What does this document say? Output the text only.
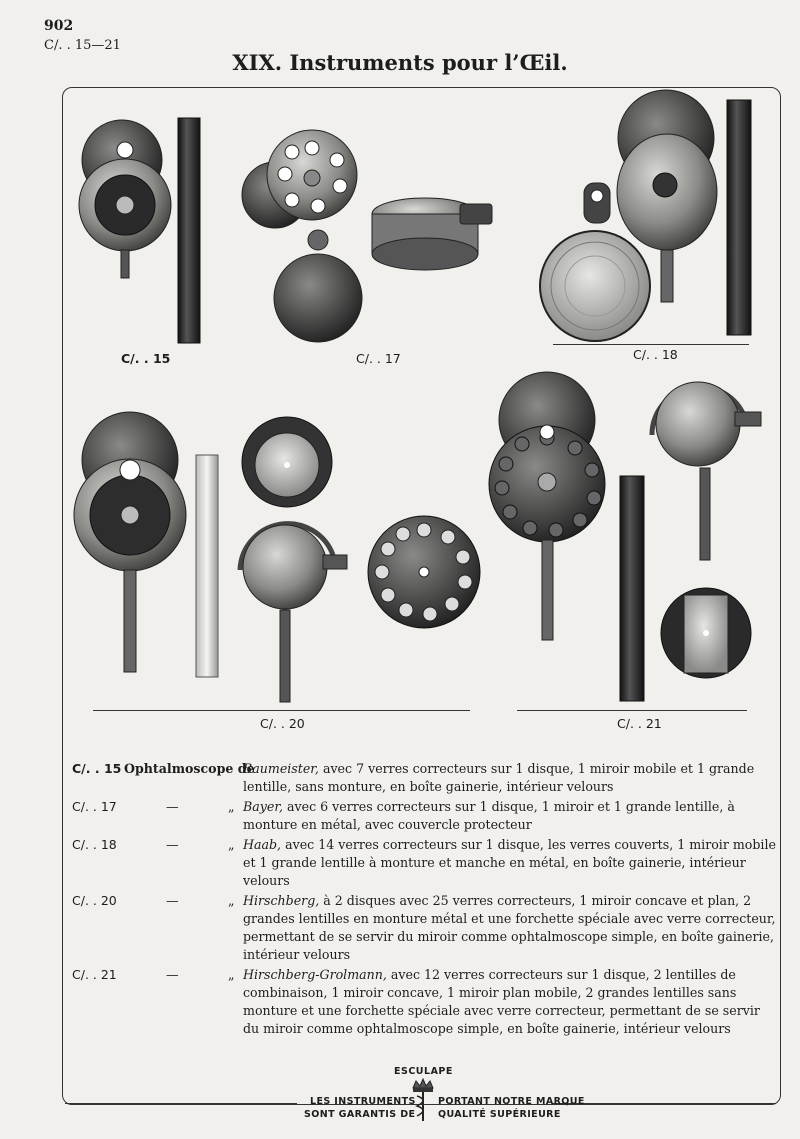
902
C/. . 15—21
XIX. Instruments pour l’Œil.
C/. . 15	C/. . 17	C/. . 18
C/. . 20	C/. . 21
C/. . 15 Ophtalmoscope de
Baumeister, avec 7 verres correcteurs sur 1 disque, 1 miroir mobile et 1 grande lentille, sans monture, en boîte gainerie, intérieur velours
C/. . 17	—	„ Bayer, avec 6 verres correcteurs sur 1 disque, 1 miroir et 1 grande lentille, à monture en métal, avec couvercle protecteur
C/. . 18	—	„ Haab, avec 14 verres correcteurs sur 1 disque, les verres couverts, 1 miroir mobile et 1 grande lentille à monture et manche en métal, en boîte gainerie, intérieur velours
C/. . 20	—	„ Hirschberg, à 2 disques avec 25 verres correcteurs, 1 miroir concave et plan, 2 grandes lentilles en monture métal et une forchette spéciale avec verre correcteur, permettant de se servir du miroir comme ophtalmoscope simple, en boîte gainerie, intérieur velours
C/. . 21	—	„ Hirschberg-Grolmann, avec 12 verres correcteurs sur 1 disque, 2 lentilles de combinaison, 1 miroir concave, 1 miroir plan mobile, 2 grandes lentilles sans monture et une forchette spéciale avec verre correcteur, permettant de se servir du miroir comme ophtalmoscope simple, en boîte gainerie, intérieur velours
ESCULAPE
LES INSTRUMENTS PORTANT NOTRE MARQUE
SONT GARANTIS DE QUALITÉ SUPÉRIEURE
